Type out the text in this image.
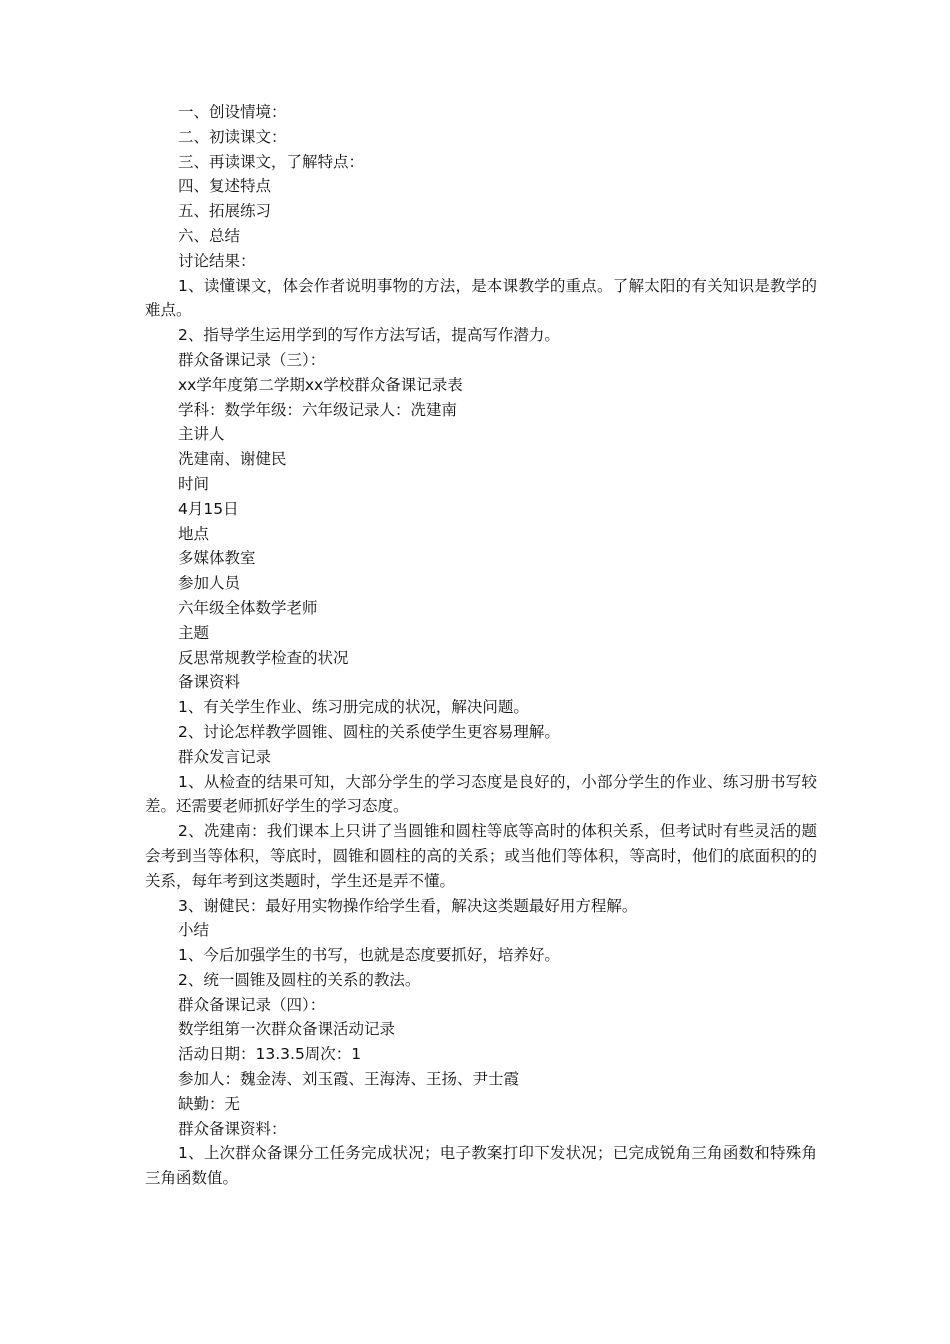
一、创设情境：

二、初读课文：

三、再读课文，了解特点：

四、复述特点

五、拓展练习

六、总结

讨论结果：

1、读懂课文，体会作者说明事物的方法，是本课教学的重点。了解太阳的有关知识是教学的难点。

2、指导学生运用学到的写作方法写话，提高写作潜力。

群众备课记录（三）：

xx学年度第二学期xx学校群众备课记录表

学科：数学年级：六年级记录人：冼建南

主讲人

冼建南、谢健民

时间

4月15日

地点

多媒体教室

参加人员

六年级全体数学老师

主题

反思常规教学检查的状况

备课资料

1、有关学生作业、练习册完成的状况，解决问题。

2、讨论怎样教学圆锥、圆柱的关系使学生更容易理解。

群众发言记录

1、从检查的结果可知，大部分学生的学习态度是良好的，小部分学生的作业、练习册书写较差。还需要老师抓好学生的学习态度。

2、冼建南：我们课本上只讲了当圆锥和圆柱等底等高时的体积关系，但考试时有些灵活的题会考到当等体积，等底时，圆锥和圆柱的高的关系；或当他们等体积，等高时，他们的底面积的的关系，每年考到这类题时，学生还是弄不懂。

3、谢健民：最好用实物操作给学生看，解决这类题最好用方程解。

小结

1、今后加强学生的书写，也就是态度要抓好，培养好。

2、统一圆锥及圆柱的关系的教法。

群众备课记录（四）：

数学组第一次群众备课活动记录

活动日期：13.3.5周次：1

参加人：魏金涛、刘玉霞、王海涛、王扬、尹士霞

缺勤：无

群众备课资料：

1、上次群众备课分工任务完成状况；电子教案打印下发状况；已完成锐角三角函数和特殊角三角函数值。
